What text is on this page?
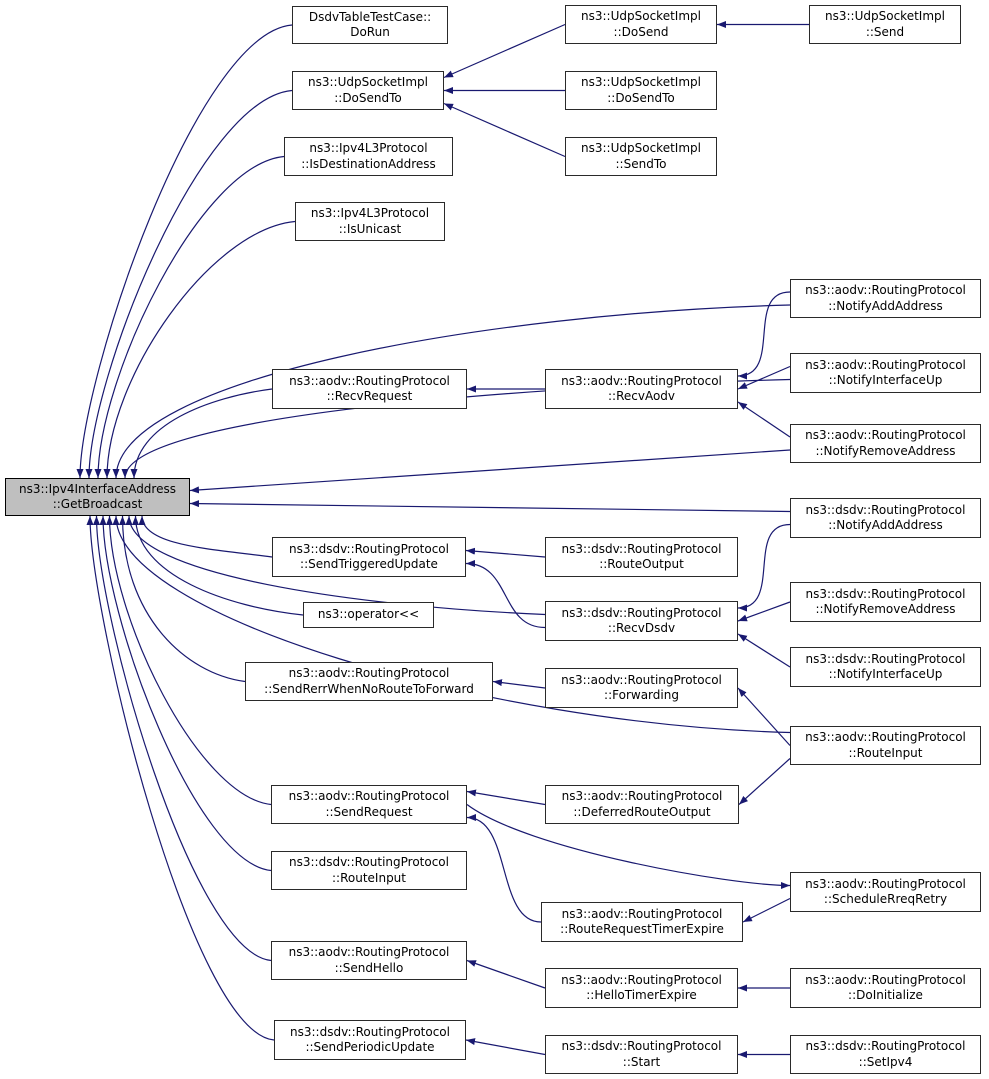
ns3::Ipv4InterfaceAddress
::GetBroadcast
DsdvTableTestCase::
DoRun
ns3::UdpSocketImpl
::DoSendTo
ns3::Ipv4L3Protocol
::IsDestinationAddress
ns3::Ipv4L3Protocol
::IsUnicast
ns3::aodv::RoutingProtocol
::RecvRequest
ns3::dsdv::RoutingProtocol
::SendTriggeredUpdate
ns3::operator<<
ns3::aodv::RoutingProtocol
::SendRerrWhenNoRouteToForward
ns3::aodv::RoutingProtocol
::SendRequest
ns3::dsdv::RoutingProtocol
::RouteInput
ns3::aodv::RoutingProtocol
::SendHello
ns3::dsdv::RoutingProtocol
::SendPeriodicUpdate
ns3::UdpSocketImpl
::DoSend
ns3::UdpSocketImpl
::DoSendTo
ns3::UdpSocketImpl
::SendTo
ns3::aodv::RoutingProtocol
::RecvAodv
ns3::dsdv::RoutingProtocol
::RouteOutput
ns3::dsdv::RoutingProtocol
::RecvDsdv
ns3::aodv::RoutingProtocol
::Forwarding
ns3::aodv::RoutingProtocol
::DeferredRouteOutput
ns3::aodv::RoutingProtocol
::RouteRequestTimerExpire
ns3::aodv::RoutingProtocol
::HelloTimerExpire
ns3::dsdv::RoutingProtocol
::Start
ns3::UdpSocketImpl
::Send
ns3::aodv::RoutingProtocol
::NotifyAddAddress
ns3::aodv::RoutingProtocol
::NotifyInterfaceUp
ns3::aodv::RoutingProtocol
::NotifyRemoveAddress
ns3::dsdv::RoutingProtocol
::NotifyAddAddress
ns3::dsdv::RoutingProtocol
::NotifyRemoveAddress
ns3::dsdv::RoutingProtocol
::NotifyInterfaceUp
ns3::aodv::RoutingProtocol
::RouteInput
ns3::aodv::RoutingProtocol
::ScheduleRreqRetry
ns3::aodv::RoutingProtocol
::DoInitialize
ns3::dsdv::RoutingProtocol
::SetIpv4
